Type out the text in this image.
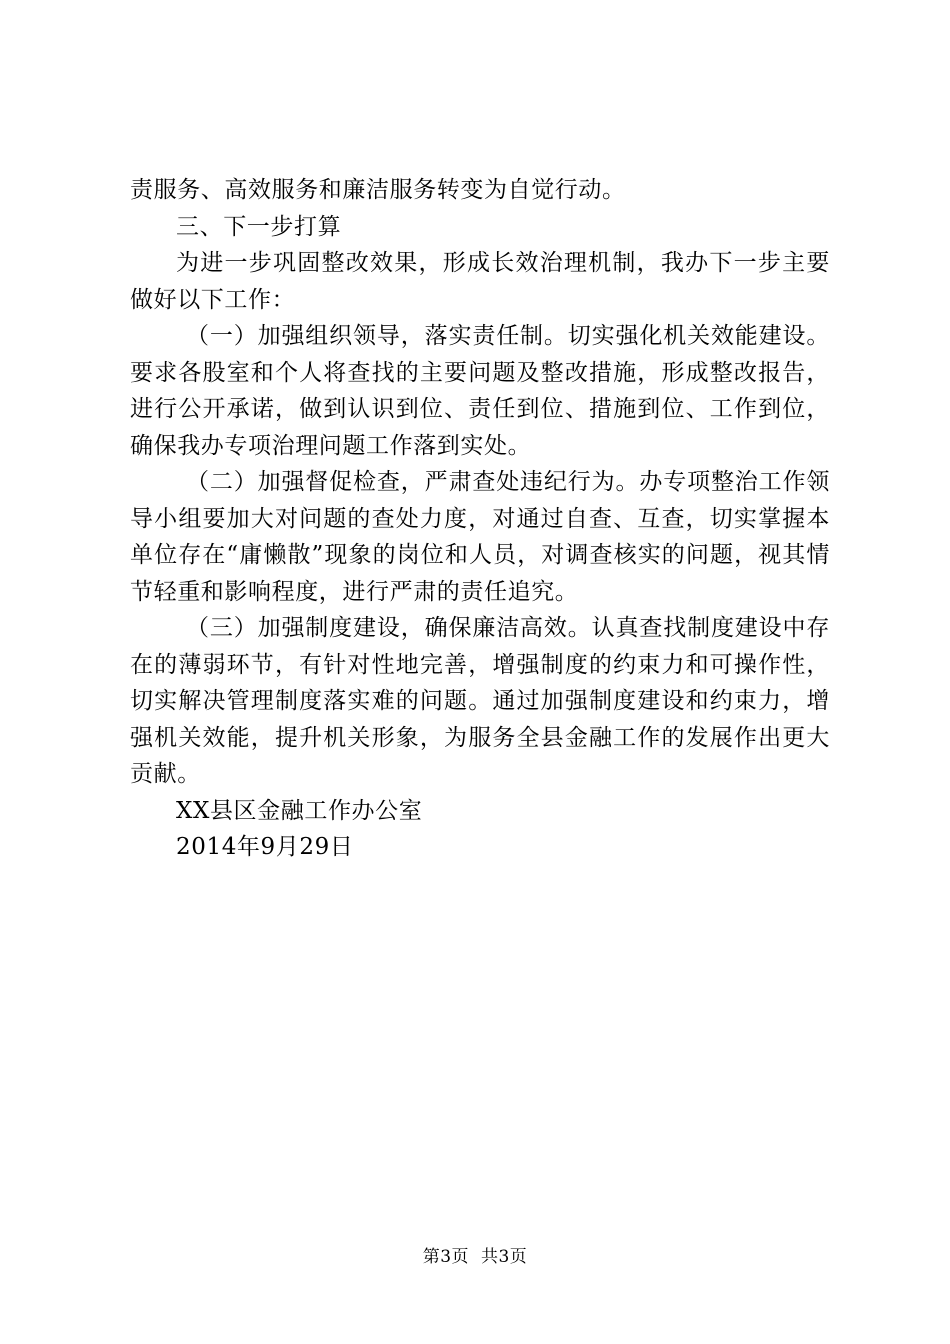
责服务、高效服务和廉洁服务转变为自觉行动。

三、下一步打算

为进一步巩固整改效果，形成长效治理机制，我办下一步主要做好以下工作：

（一）加强组织领导，落实责任制。切实强化机关效能建设。要求各股室和个人将查找的主要问题及整改措施，形成整改报告，进行公开承诺，做到认识到位、责任到位、措施到位、工作到位，确保我办专项治理问题工作落到实处。

（二）加强督促检查，严肃查处违纪行为。办专项整治工作领导小组要加大对问题的查处力度，对通过自查、互查，切实掌握本单位存在“庸懒散”现象的岗位和人员，对调查核实的问题，视其情节轻重和影响程度，进行严肃的责任追究。

（三）加强制度建设，确保廉洁高效。认真查找制度建设中存在的薄弱环节，有针对性地完善，增强制度的约束力和可操作性，切实解决管理制度落实难的问题。通过加强制度建设和约束力，增强机关效能，提升机关形象，为服务全县金融工作的发展作出更大贡献。

XX县区金融工作办公室

2014年9月29日

第3页 共3页
